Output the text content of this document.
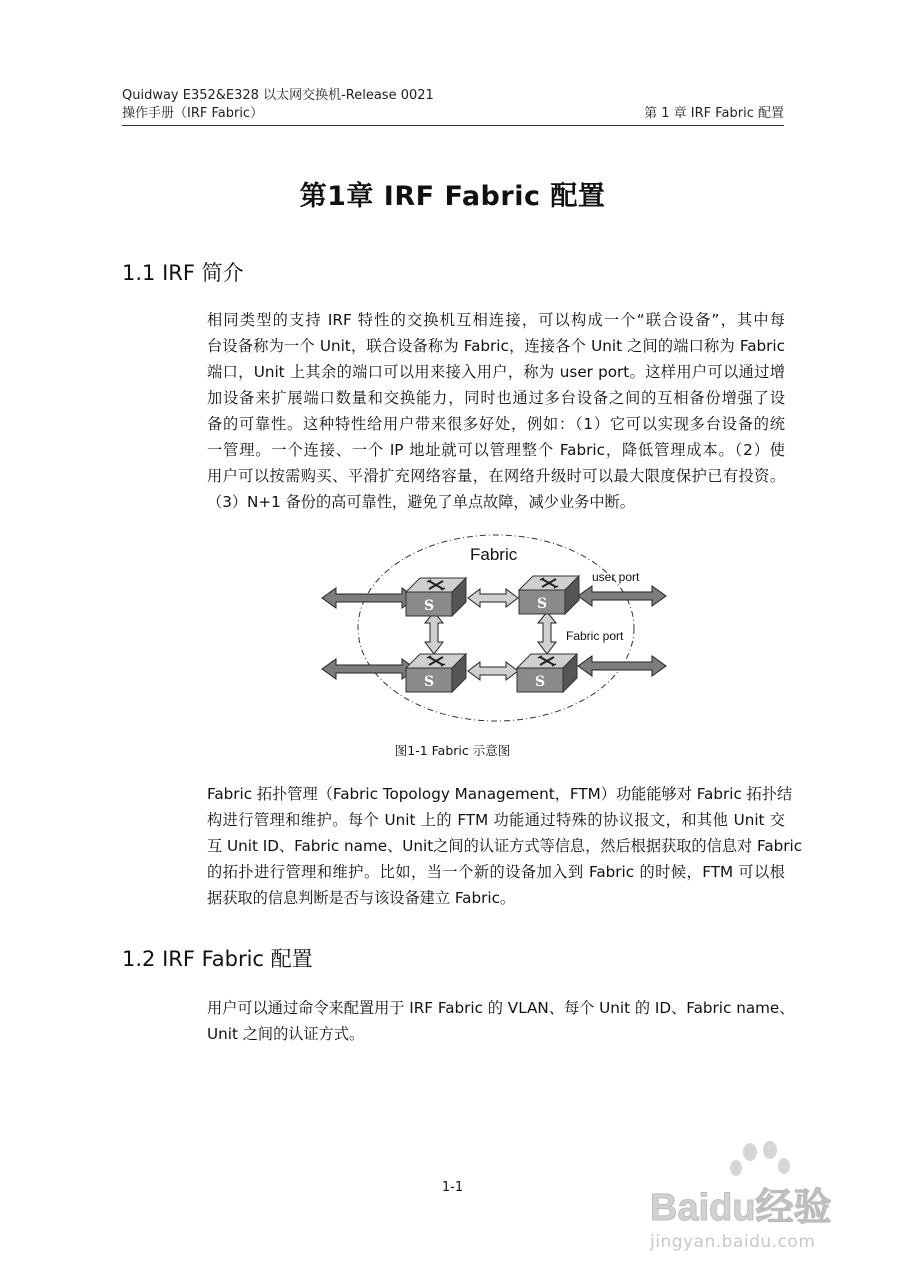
Quidway E352&E328 以太网交换机-Release 0021
操作手册（IRF Fabric）	第 1 章 IRF Fabric 配置
第1章 IRF Fabric 配置
1.1 IRF 简介
相同类型的支持 IRF 特性的交换机互相连接，可以构成一个“联合设备”，其中每
台设备称为一个 Unit，联合设备称为 Fabric，连接各个 Unit 之间的端口称为 Fabric
端口，Unit 上其余的端口可以用来接入用户，称为 user port。这样用户可以通过增
加设备来扩展端口数量和交换能力，同时也通过多台设备之间的互相备份增强了设
备的可靠性。这种特性给用户带来很多好处，例如：（1）它可以实现多台设备的统
一管理。一个连接、一个 IP 地址就可以管理整个 Fabric，降低管理成本。（2）使
用户可以按需购买、平滑扩充网络容量，在网络升级时可以最大限度保护已有投资。
（3）N+1 备份的高可靠性，避免了单点故障，减少业务中断。
S	S
S	S
Fabric
user port
Fabric port
图1-1 Fabric 示意图
Fabric 拓扑管理（Fabric Topology Management，FTM）功能能够对 Fabric 拓扑结
构进行管理和维护。每个 Unit 上的 FTM 功能通过特殊的协议报文，和其他 Unit 交
互 Unit ID、Fabric name、Unit之间的认证方式等信息，然后根据获取的信息对 Fabric
的拓扑进行管理和维护。比如，当一个新的设备加入到 Fabric 的时候，FTM 可以根
据获取的信息判断是否与该设备建立 Fabric。
1.2 IRF Fabric 配置
用户可以通过命令来配置用于 IRF Fabric 的 VLAN、每个 Unit 的 ID、Fabric name、
Unit 之间的认证方式。
1-1	Baidu经验
jingyan.baidu.com
